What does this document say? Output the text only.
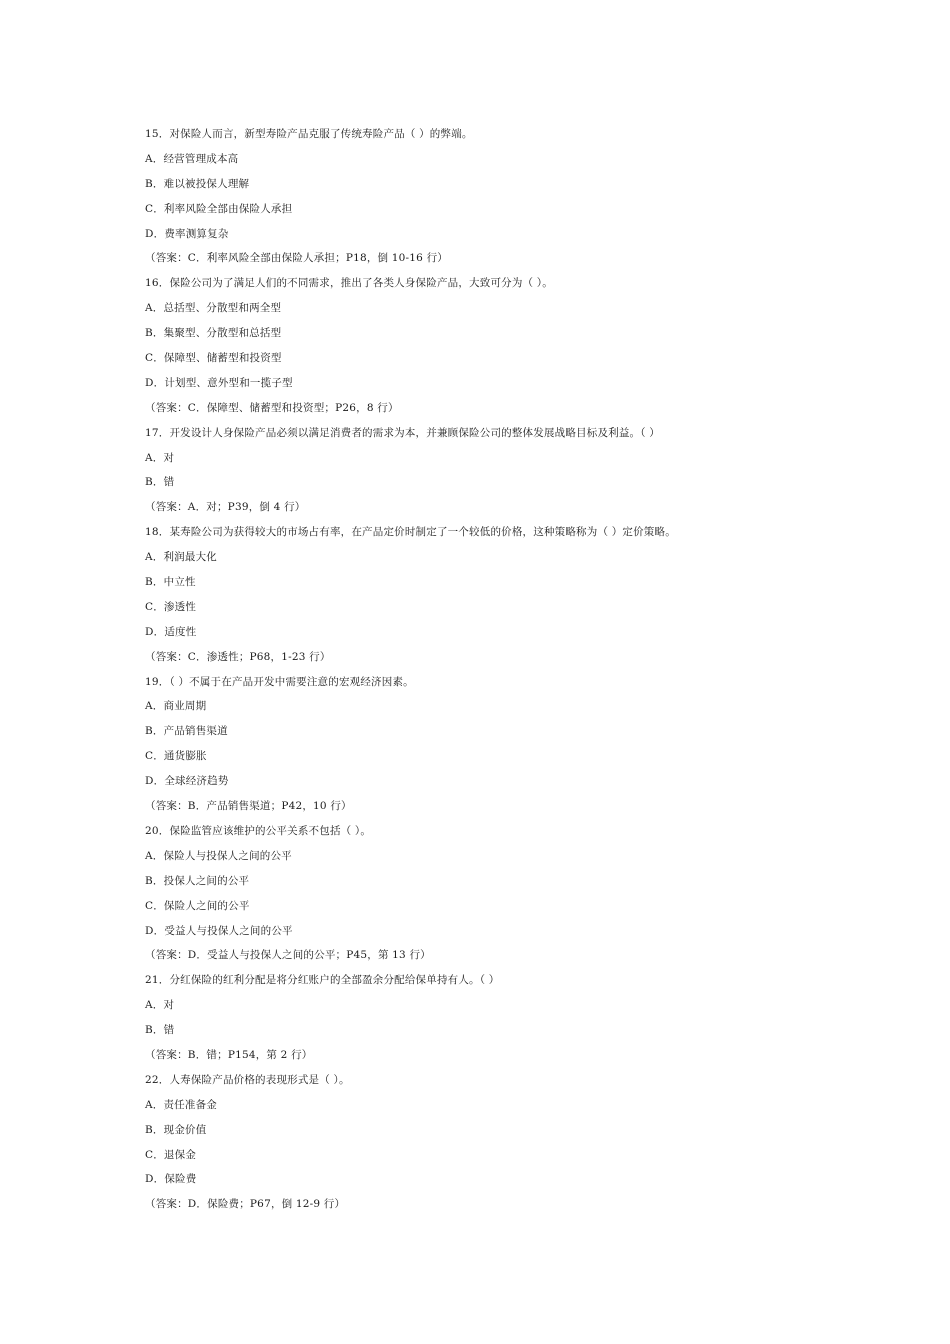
15．对保险人而言，新型寿险产品克服了传统寿险产品（ ）的弊端。
A．经营管理成本高
B．难以被投保人理解
C．利率风险全部由保险人承担
D．费率测算复杂
（答案：C．利率风险全部由保险人承担；P18，倒 10-16 行）
16．保险公司为了满足人们的不同需求，推出了各类人身保险产品，大致可分为（ ）。
A．总括型、分散型和两全型
B．集聚型、分散型和总括型
C．保障型、储蓄型和投资型
D．计划型、意外型和一揽子型
（答案：C．保障型、储蓄型和投资型；P26，8 行）
17．开发设计人身保险产品必须以满足消费者的需求为本，并兼顾保险公司的整体发展战略目标及利益。（ ）
A．对
B．错
（答案：A．对；P39，倒 4 行）
18．某寿险公司为获得较大的市场占有率，在产品定价时制定了一个较低的价格，这种策略称为（ ）定价策略。
A．利润最大化
B．中立性
C．渗透性
D．适度性
（答案：C．渗透性；P68，1-23 行）
19．（ ）不属于在产品开发中需要注意的宏观经济因素。
A．商业周期
B．产品销售渠道
C．通货膨胀
D．全球经济趋势
（答案：B．产品销售渠道；P42，10 行）
20．保险监管应该维护的公平关系不包括（ ）。
A．保险人与投保人之间的公平
B．投保人之间的公平
C．保险人之间的公平
D．受益人与投保人之间的公平
（答案：D．受益人与投保人之间的公平；P45，第 13 行）
21．分红保险的红利分配是将分红账户的全部盈余分配给保单持有人。（ ）
A．对
B．错
（答案：B．错；P154，第 2 行）
22．人寿保险产品价格的表现形式是（ ）。
A．责任准备金
B．现金价值
C．退保金
D．保险费
（答案：D．保险费；P67，倒 12-9 行）
